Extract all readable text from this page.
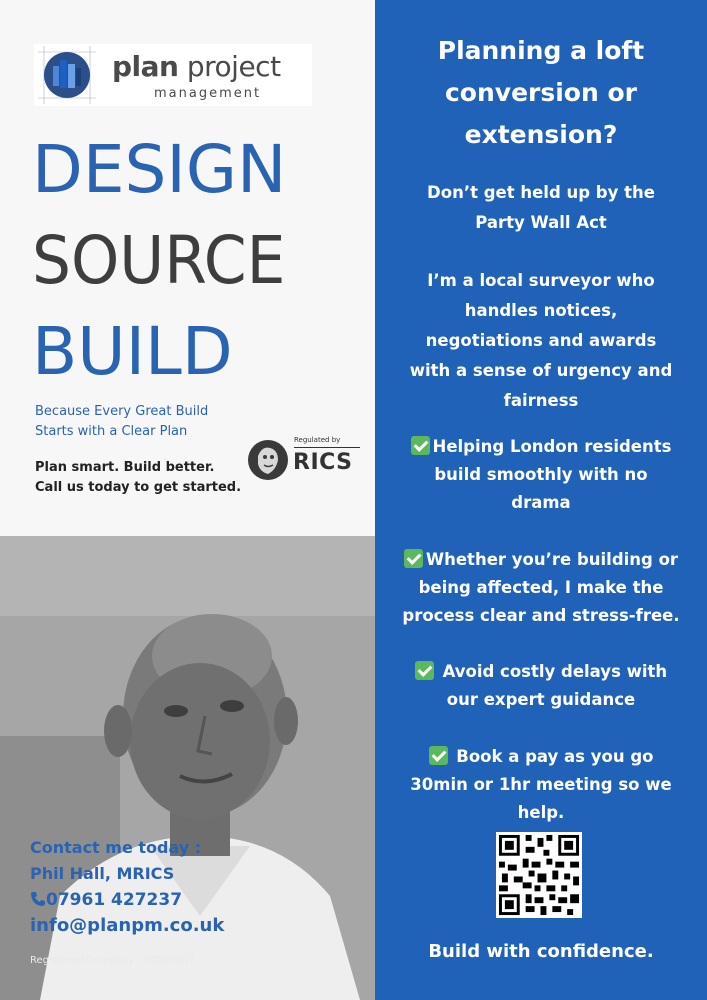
plan project
management
DESIGN
SOURCE
BUILD
Because Every Great Build
Starts with a Clear Plan
Plan smart. Build better.
Call us today to get started.
Regulated by
RICS
Contact me today :
Phil Hall, MRICS
07961 427237
info@planpm.co.uk
Registered Company : 07567607
Planning a loft
conversion or
extension?
Don’t get held up by the
Party Wall Act
I’m a local surveyor who
handles notices,
negotiations and awards
with a sense of urgency and
fairness
Helping London residents
build smoothly with no
drama
Whether you’re building or
being affected, I make the
process clear and stress-free.
Avoid costly delays with
our expert guidance
Book a pay as you go
30min or 1hr meeting so we
help.
Build with confidence.
